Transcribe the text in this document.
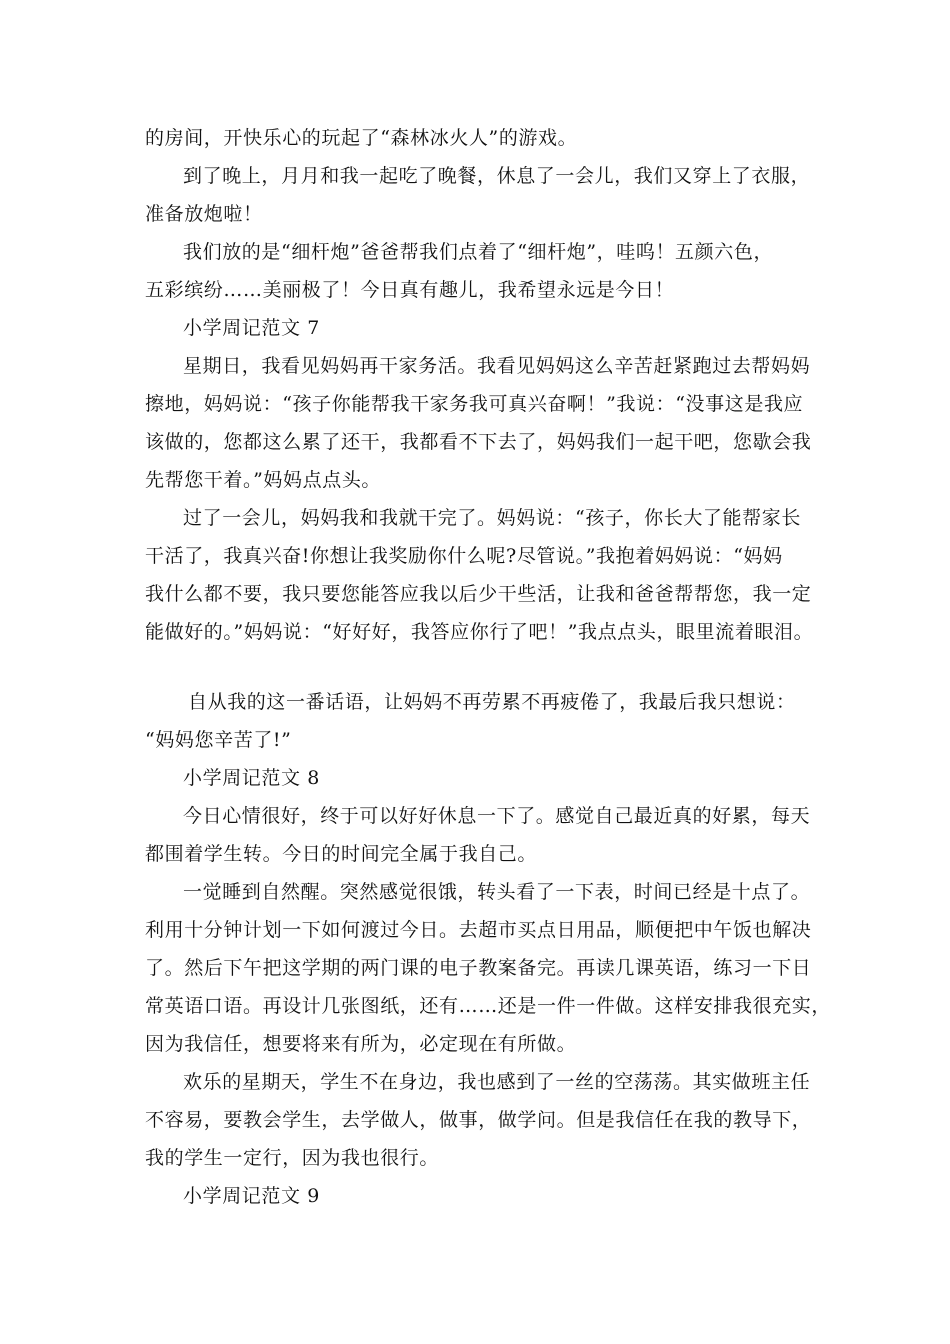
的房间，开快乐心的玩起了“森林冰火人”的游戏。
到了晚上，月月和我一起吃了晚餐，休息了一会儿，我们又穿上了衣服，
准备放炮啦！
我们放的是“细杆炮”爸爸帮我们点着了“细杆炮”，哇呜！五颜六色，
五彩缤纷……美丽极了！今日真有趣儿，我希望永远是今日！
小学周记范文 7
星期日，我看见妈妈再干家务活。我看见妈妈这么辛苦赶紧跑过去帮妈妈
擦地，妈妈说：“孩子你能帮我干家务我可真兴奋啊！”我说：“没事这是我应
该做的，您都这么累了还干，我都看不下去了，妈妈我们一起干吧，您歇会我
先帮您干着。”妈妈点点头。
过了一会儿，妈妈我和我就干完了。妈妈说：“孩子，你长大了能帮家长
干活了，我真兴奋!你想让我奖励你什么呢?尽管说。”我抱着妈妈说：“妈妈
我什么都不要，我只要您能答应我以后少干些活，让我和爸爸帮帮您，我一定
能做好的。”妈妈说：“好好好，我答应你行了吧！”我点点头，眼里流着眼泪。
自从我的这一番话语，让妈妈不再劳累不再疲倦了，我最后我只想说：
“妈妈您辛苦了!”
小学周记范文 8
今日心情很好，终于可以好好休息一下了。感觉自己最近真的好累，每天
都围着学生转。今日的时间完全属于我自己。
一觉睡到自然醒。突然感觉很饿，转头看了一下表，时间已经是十点了。
利用十分钟计划一下如何渡过今日。去超市买点日用品，顺便把中午饭也解决
了。然后下午把这学期的两门课的电子教案备完。再读几课英语，练习一下日
常英语口语。再设计几张图纸，还有……还是一件一件做。这样安排我很充实，
因为我信任，想要将来有所为，必定现在有所做。
欢乐的星期天，学生不在身边，我也感到了一丝的空荡荡。其实做班主任
不容易，要教会学生，去学做人，做事，做学问。但是我信任在我的教导下，
我的学生一定行，因为我也很行。
小学周记范文 9
